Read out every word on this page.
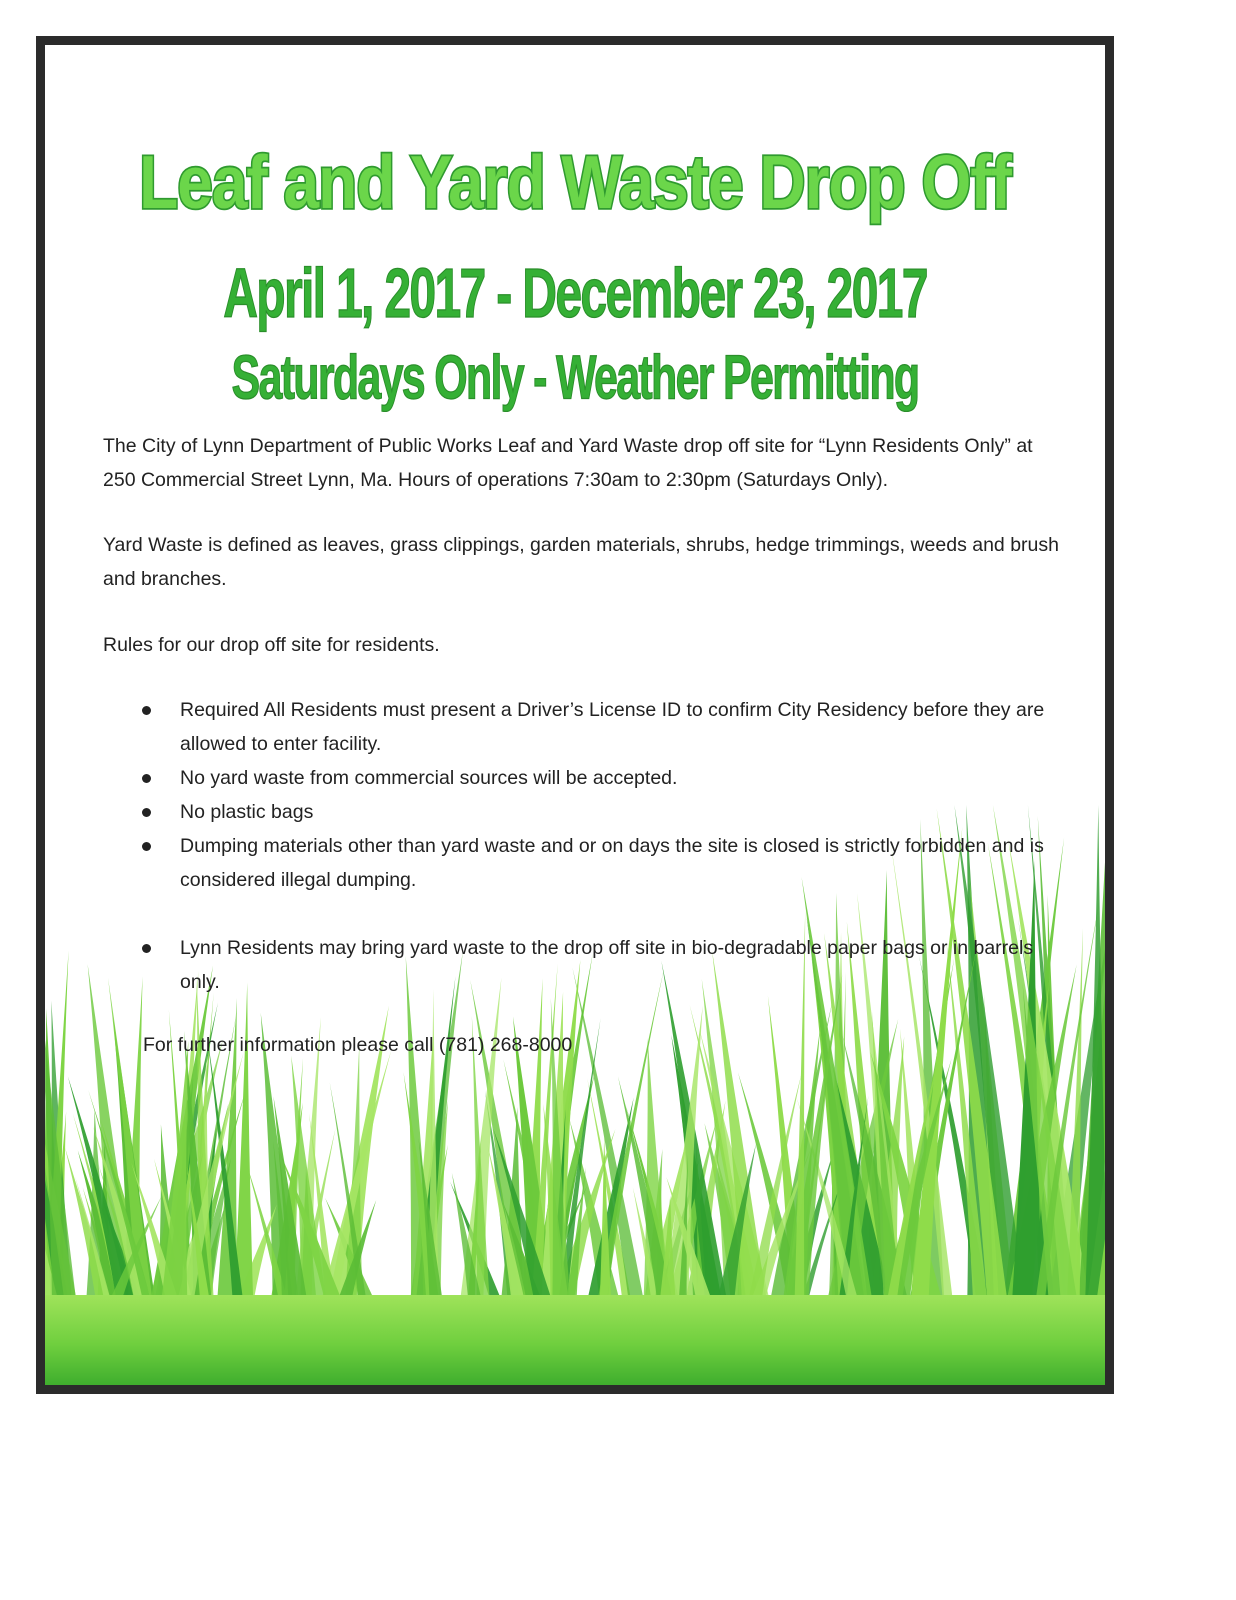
Leaf and Yard Waste Drop Off
April 1, 2017 - December 23, 2017
Saturdays Only - Weather Permitting
The City of Lynn Department of Public Works Leaf and Yard Waste drop off site for “Lynn Residents Only” at 250 Commercial Street Lynn, Ma. Hours of operations 7:30am to 2:30pm (Saturdays Only).
Yard Waste is defined as leaves, grass clippings, garden materials, shrubs, hedge trimmings, weeds and brush and branches.
Rules for our drop off site for residents.
Required All Residents must present a Driver’s License ID to confirm City Residency before they are allowed to enter facility.
No yard waste from commercial sources will be accepted.
No plastic bags
Dumping materials other than yard waste and or on days the site is closed is strictly forbidden and is considered illegal dumping.
Lynn Residents may bring yard waste to the drop off site in bio-degradable paper bags or in barrels only.
For further information please call (781) 268-8000
